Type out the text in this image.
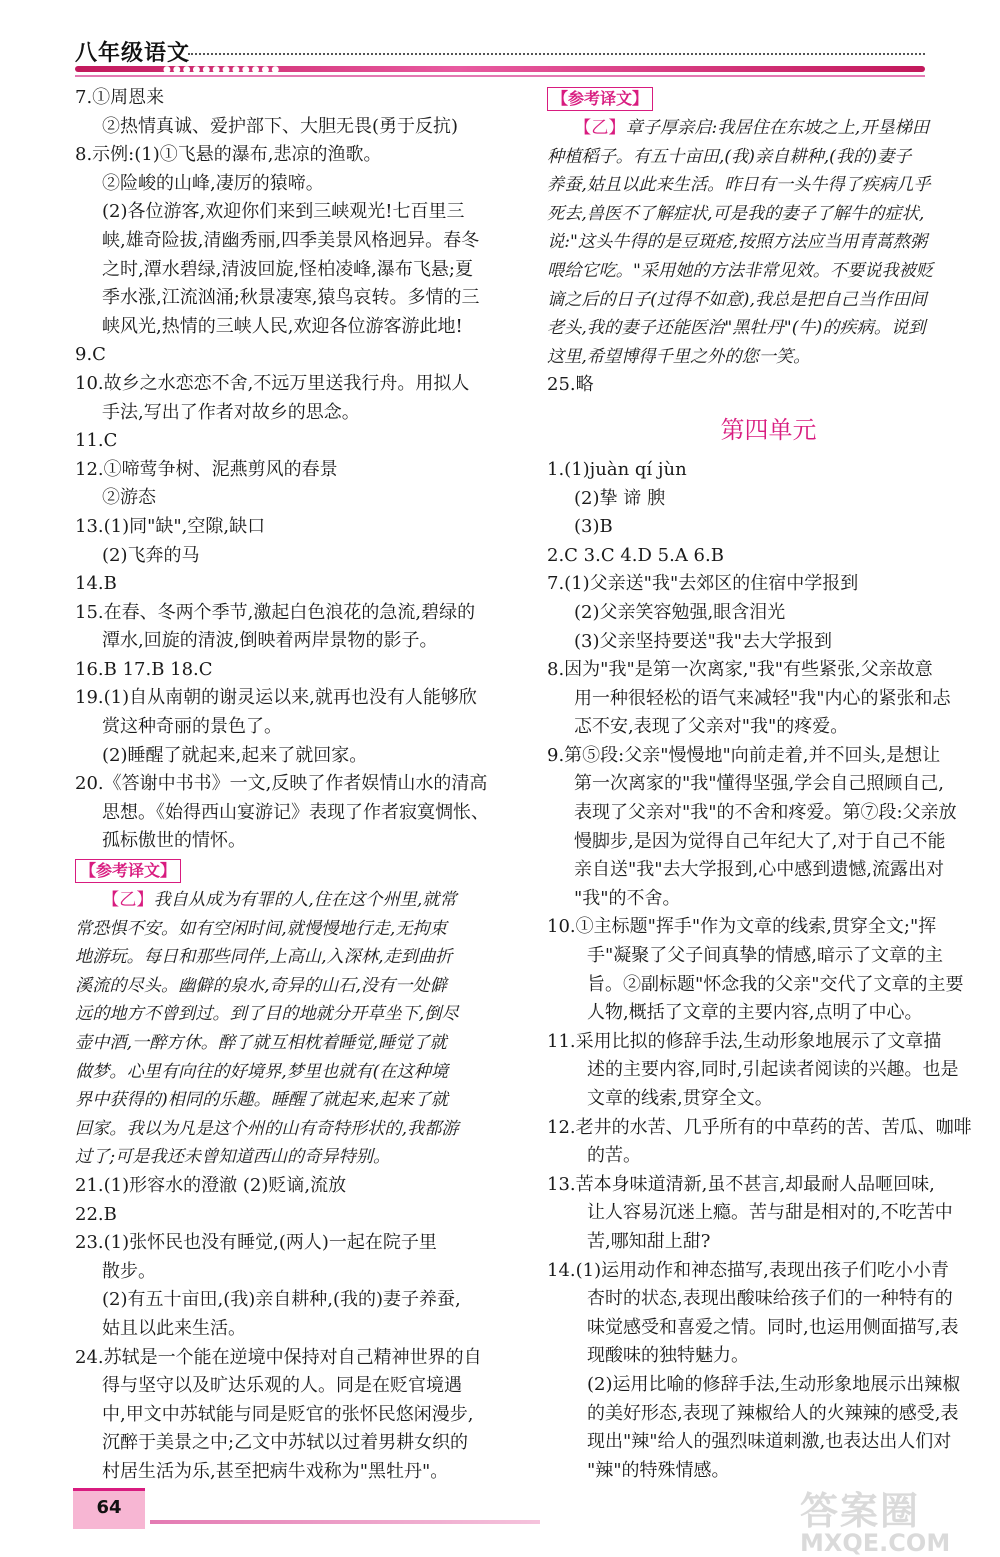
八年级语文
●●●●●●●●●●●●

7.①周恩来

②热情真诚、爱护部下、大胆无畏(勇于反抗)

8.示例:(1)①飞悬的瀑布,悲凉的渔歌。

②险峻的山峰,凄厉的猿啼。

(2)各位游客,欢迎你们来到三峡观光!七百里三

峡,雄奇险拔,清幽秀丽,四季美景风格迥异。春冬

之时,潭水碧绿,清波回旋,怪柏凌峰,瀑布飞悬;夏

季水涨,江流汹涌;秋景凄寒,猿鸟哀转。多情的三

峡风光,热情的三峡人民,欢迎各位游客游此地!

9.C

10.故乡之水恋恋不舍,不远万里送我行舟。用拟人

手法,写出了作者对故乡的思念。

11.C

12.①啼莺争树、泥燕剪风的春景

②游态

13.(1)同"缺",空隙,缺口

(2)飞奔的马

14.B

15.在春、冬两个季节,激起白色浪花的急流,碧绿的

潭水,回旋的清波,倒映着两岸景物的影子。

16.B 17.B 18.C

19.(1)自从南朝的谢灵运以来,就再也没有人能够欣

赏这种奇丽的景色了。

(2)睡醒了就起来,起来了就回家。

20.《答谢中书书》一文,反映了作者娱情山水的清高

思想。《始得西山宴游记》表现了作者寂寞惆怅、

孤标傲世的情怀。

【参考译文】

【乙】我自从成为有罪的人,住在这个州里,就常

常恐惧不安。如有空闲时间,就慢慢地行走,无拘束

地游玩。每日和那些同伴,上高山,入深林,走到曲折

溪流的尽头。幽僻的泉水,奇异的山石,没有一处僻

远的地方不曾到过。到了目的地就分开草坐下,倒尽

壶中酒,一醉方休。醉了就互相枕着睡觉,睡觉了就

做梦。心里有向往的好境界,梦里也就有(在这种境

界中获得的)相同的乐趣。睡醒了就起来,起来了就

回家。我以为凡是这个州的山有奇特形状的,我都游

过了;可是我还未曾知道西山的奇异特别。

21.(1)形容水的澄澈 (2)贬谪,流放

22.B

23.(1)张怀民也没有睡觉,(两人)一起在院子里

散步。

(2)有五十亩田,(我)亲自耕种,(我的)妻子养蚕,

姑且以此来生活。

24.苏轼是一个能在逆境中保持对自己精神世界的自

得与坚守以及旷达乐观的人。同是在贬官境遇

中,甲文中苏轼能与同是贬官的张怀民悠闲漫步,

沉醉于美景之中;乙文中苏轼以过着男耕女织的

村居生活为乐,甚至把病牛戏称为"黑牡丹"。

【参考译文】

【乙】章子厚亲启:我居住在东坡之上,开垦梯田

种植稻子。有五十亩田,(我)亲自耕种,(我的)妻子

养蚕,姑且以此来生活。昨日有一头牛得了疾病几乎

死去,兽医不了解症状,可是我的妻子了解牛的症状,

说:"这头牛得的是豆斑疮,按照方法应当用青蒿熬粥

喂给它吃。"采用她的方法非常见效。不要说我被贬

谪之后的日子(过得不如意),我总是把自己当作田间

老头,我的妻子还能医治"黑牡丹"(牛)的疾病。说到

这里,希望博得千里之外的您一笑。

25.略

第四单元

1.(1)juàn qí jùn

(2)挚 谛 腴

(3)B

2.C 3.C 4.D 5.A 6.B

7.(1)父亲送"我"去郊区的住宿中学报到

(2)父亲笑容勉强,眼含泪光

(3)父亲坚持要送"我"去大学报到

8.因为"我"是第一次离家,"我"有些紧张,父亲故意

用一种很轻松的语气来减轻"我"内心的紧张和忐

忑不安,表现了父亲对"我"的疼爱。

9.第⑤段:父亲"慢慢地"向前走着,并不回头,是想让

第一次离家的"我"懂得坚强,学会自己照顾自己,

表现了父亲对"我"的不舍和疼爱。第⑦段:父亲放

慢脚步,是因为觉得自己年纪大了,对于自己不能

亲自送"我"去大学报到,心中感到遗憾,流露出对

"我"的不舍。

10.①主标题"挥手"作为文章的线索,贯穿全文;"挥

手"凝聚了父子间真挚的情感,暗示了文章的主

旨。②副标题"怀念我的父亲"交代了文章的主要

人物,概括了文章的主要内容,点明了中心。

11.采用比拟的修辞手法,生动形象地展示了文章描

述的主要内容,同时,引起读者阅读的兴趣。也是

文章的线索,贯穿全文。

12.老井的水苦、几乎所有的中草药的苦、苦瓜、咖啡

的苦。

13.苦本身味道清新,虽不甚言,却最耐人品咂回味,

让人容易沉迷上瘾。苦与甜是相对的,不吃苦中

苦,哪知甜上甜?

14.(1)运用动作和神态描写,表现出孩子们吃小小青

杏时的状态,表现出酸味给孩子们的一种特有的

味觉感受和喜爱之情。同时,也运用侧面描写,表

现酸味的独特魅力。

(2)运用比喻的修辞手法,生动形象地展示出辣椒

的美好形态,表现了辣椒给人的火辣辣的感受,表

现出"辣"给人的强烈味道刺激,也表达出人们对

"辣"的特殊情感。

64	答案圈
MXQE.COM
